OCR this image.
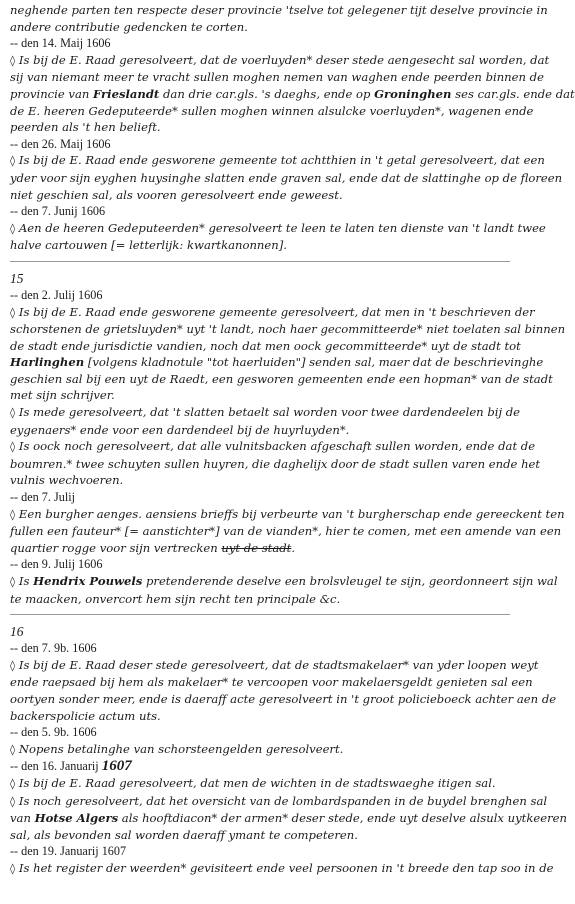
neghende parten ten respecte deser provincie 'tselve tot gelegener tijt deselve provincie in
andere contributie gedencken te corten.
-- den 14. Maij 1606
◊ Is bij de E. Raad geresolveert, dat de voerluyden* deser stede aengesecht sal worden, dat
sij van niemant meer te vracht sullen moghen nemen van waghen ende peerden binnen de
provincie van Frieslandt dan drie car.gls. 's daeghs, ende op Groninghen ses car.gls. ende dat
de E. heeren Gedeputeerde* sullen moghen winnen alsulcke voerluyden*, wagenen ende
peerden als 't hen belieft.
-- den 26. Maij 1606
◊ Is bij de E. Raad ende gesworene gemeente tot achtthien in 't getal geresolveert, dat een
yder voor sijn eyghen huysinghe slatten ende graven sal, ende dat de slattinghe op de floreen
niet geschien sal, als vooren geresolveert ende geweest.
-- den 7. Junij 1606
◊ Aen de heeren Gedeputeerden* geresolveert te leen te laten ten dienste van 't landt twee
halve cartouwen [= letterlijk: kwartkanonnen].
15
-- den 2. Julij 1606
◊ Is bij de E. Raad ende gesworene gemeente geresolveert, dat men in 't beschrieven der
schorstenen de grietsluyden* uyt 't landt, noch haer gecommitteerde* niet toelaten sal binnen
de stadt ende jurisdictie vandien, noch dat men oock gecommitteerde* uyt de stadt tot
Harlinghen [volgens kladnotule "tot haerluiden"] senden sal, maer dat de beschrievinghe
geschien sal bij een uyt de Raedt, een gesworen gemeenten ende een hopman* van de stadt
met sijn schrijver.
◊ Is mede geresolveert, dat 't slatten betaelt sal worden voor twee dardendeelen bij de
eygenaers* ende voor een dardendeel bij de huyrluyden*.
◊ Is oock noch geresolveert, dat alle vulnitsbacken afgeschaft sullen worden, ende dat de
boumren.* twee schuyten sullen huyren, die daghelijx door de stadt sullen varen ende het
vulnis wechvoeren.
-- den 7. Julij
◊ Een burgher aenges. aensiens brieffs bij verbeurte van 't burgherschap ende gereeckent ten
fullen een fauteur* [= aanstichter*] van de vianden*, hier te comen, met een amende van een
quartier rogge voor sijn vertrecken uyt de stadt.
-- den 9. Julij 1606
◊ Is Hendrix Pouwels pretenderende deselve een brolsvleugel te sijn, geordonneert sijn wal
te maacken, onvercort hem sijn recht ten principale &c.
16
-- den 7. 9b. 1606
◊ Is bij de E. Raad deser stede geresolveert, dat de stadtsmakelaer* van yder loopen weyt
ende raepsaed bij hem als makelaer* te vercoopen voor makelaersgeldt genieten sal een
oortyen sonder meer, ende is daeraff acte geresolveert in 't groot policieboeck achter aen de
backerspolicie actum uts.
-- den 5. 9b. 1606
◊ Nopens betalinghe van schorsteengelden geresolveert.
-- den 16. Januarij 1607
◊ Is bij de E. Raad geresolveert, dat men de wichten in de stadtswaeghe itigen sal.
◊ Is noch geresolveert, dat het oversicht van de lombardspanden in de buydel brenghen sal
van Hotse Algers als hooftdiacon* der armen* deser stede, ende uyt deselve alsulx uytkeeren
sal, als bevonden sal worden daeraff ymant te competeren.
-- den 19. Januarij 1607
◊ Is het register der weerden* gevisiteert ende veel persoonen in 't breede den tap soo in de
